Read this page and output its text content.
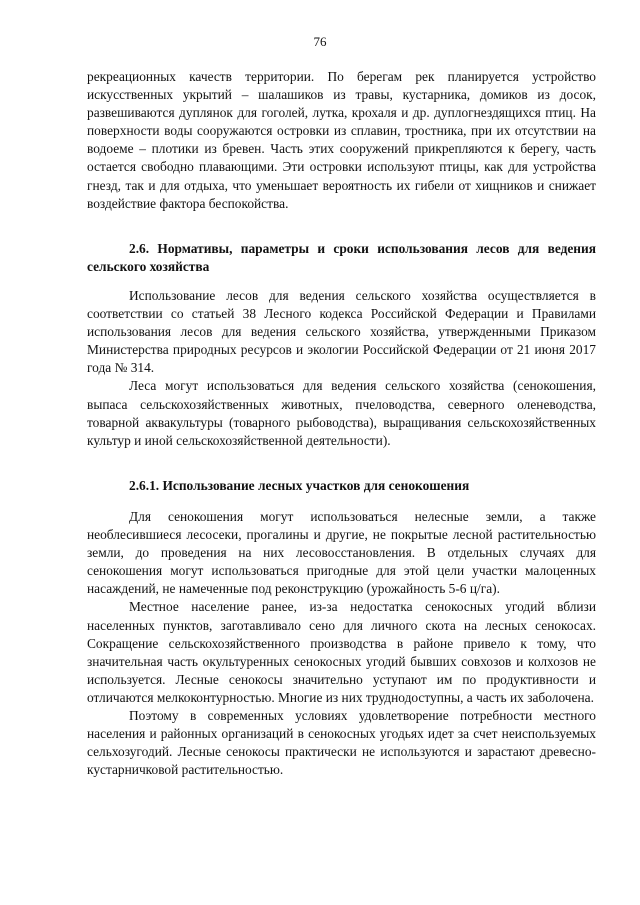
76

рекреационных качеств территории. По берегам рек планируется устройство искусственных укрытий – шалашиков из травы, кустарника, домиков из досок, развешиваются дуплянок для гоголей, лутка, крохаля и др. дуплогнездящихся птиц. На поверхности воды сооружаются островки из сплавин, тростника, при их отсутствии на водоеме – плотики из бревен. Часть этих сооружений прикрепляются к берегу, часть остается свободно плавающими. Эти островки используют птицы, как для устройства гнезд, так и для отдыха, что уменьшает вероятность их гибели от хищников и снижает воздействие фактора беспокойства.

2.6. Нормативы, параметры и сроки использования лесов для ведения сельского хозяйства

Использование лесов для ведения сельского хозяйства осуществляется в соответствии со статьей 38 Лесного кодекса Российской Федерации и Правилами использования лесов для ведения сельского хозяйства, утвержденными Приказом Министерства природных ресурсов и экологии Российской Федерации от 21 июня 2017 года № 314.

Леса могут использоваться для ведения сельского хозяйства (сенокошения, выпаса сельскохозяйственных животных, пчеловодства, северного оленеводства, товарной аквакультуры (товарного рыбоводства), выращивания сельскохозяйственных культур и иной сельскохозяйственной деятельности).

2.6.1. Использование лесных участков для сенокошения

Для сенокошения могут использоваться нелесные земли, а также необлесившиеся лесосеки, прогалины и другие, не покрытые лесной растительностью земли, до проведения на них лесовосстановления. В отдельных случаях для сенокошения могут использоваться пригодные для этой цели участки малоценных насаждений, не намеченные под реконструкцию (урожайность 5-6 ц/га).

Местное население ранее, из-за недостатка сенокосных угодий вблизи населенных пунктов, заготавливало сено для личного скота на лесных сенокосах. Сокращение сельскохозяйственного производства в районе привело к тому, что значительная часть окультуренных сенокосных угодий бывших совхозов и колхозов не используется. Лесные сенокосы значительно уступают им по продуктивности и отличаются мелкоконтурностью. Многие из них труднодоступны, а часть их заболочена.

Поэтому в современных условиях удовлетворение потребности местного населения и районных организаций в сенокосных угодьях идет за счет неиспользуемых сельхозугодий. Лесные сенокосы практически не используются и зарастают древесно-кустарничковой растительностью.
